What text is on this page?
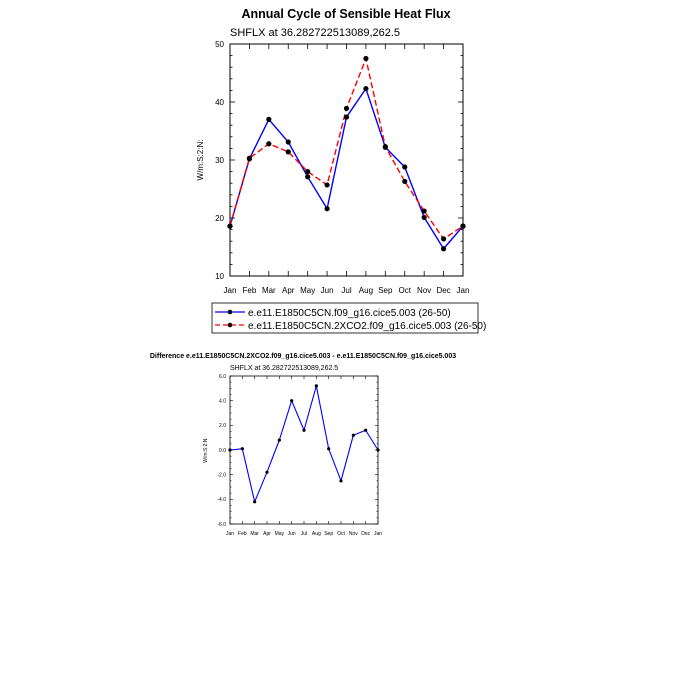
Annual Cycle of Sensible Heat Flux
SHFLX at 36.282722513089,262.5
W/m:S:2:N:
Jan Feb Mar Apr May Jun Jul Aug Sep Oct Nov Dec Jan
10
20
30
40
50
e.e11.E1850C5CN.f09_g16.cice5.003 (26-50)
e.e11.E1850C5CN.2XCO2.f09_g16.cice5.003 (26-50)
Difference e.e11.E1850C5CN.2XCO2.f09_g16.cice5.003 - e.e11.E1850C5CN.f09_g16.cice5.003
SHFLX at 36.282722513089,262.5
W/m:S:2:N:
Jan Feb Mar Apr May Jun Jul Aug Sep Oct Nov Dec Jan
-6.0
-4.0
-2.0
0.0
2.0
4.0
6.0
